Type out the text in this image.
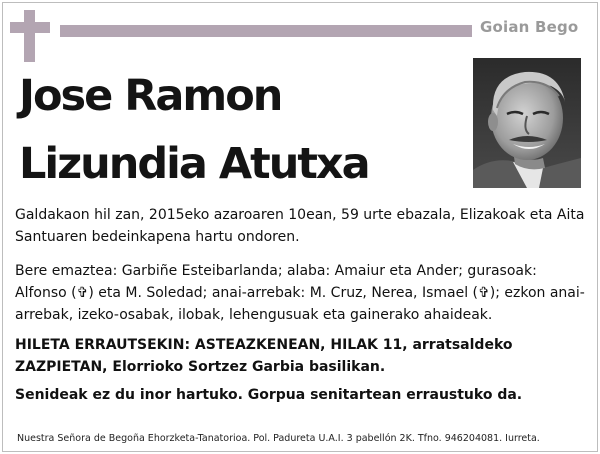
Goian Bego
Jose Ramon
Lizundia Atutxa
Galdakaon hil zan, 2015eko azaroaren 10ean, 59 urte ebazala, Elizakoak eta Aita Santuaren bedeinkapena hartu ondoren.
Bere emaztea: Garbiñe Esteibarlanda; alaba: Amaiur eta Ander; gurasoak: Alfonso (✞) eta M. Soledad; anai-arrebak: M. Cruz, Nerea, Ismael (✞); ezkon anai-arrebak, izeko-osabak, ilobak, lehengusuak eta gainerako ahaideak.
HILETA ERRAUTSEKIN: ASTEAZKENEAN, HILAK 11, arratsaldeko ZAZPIETAN, Elorrioko Sortzez Garbia basilikan.
Senideak ez du inor hartuko. Gorpua senitartean erraustuko da.
Nuestra Señora de Begoña Ehorzketa-Tanatorioa. Pol. Padureta U.A.I. 3 pabellón 2K. Tfno. 946204081. Iurreta.
